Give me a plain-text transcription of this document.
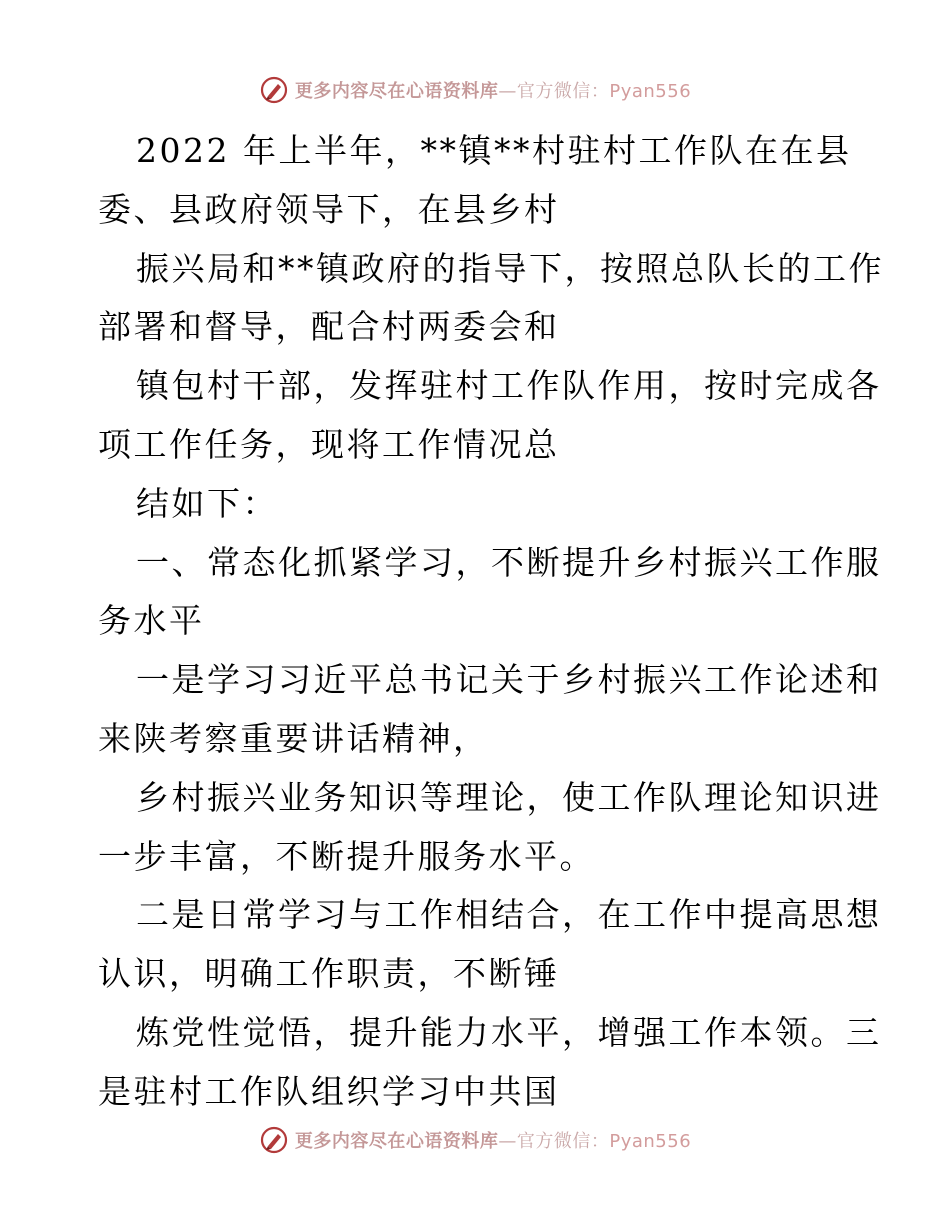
更多内容尽在心语资料库—官方微信：Pyan556
2022 年上半年，**镇**村驻村工作队在在县
委、县政府领导下，在县乡村
振兴局和**镇政府的指导下，按照总队长的工作
部署和督导，配合村两委会和
镇包村干部，发挥驻村工作队作用，按时完成各
项工作任务，现将工作情况总
结如下：
一、常态化抓紧学习，不断提升乡村振兴工作服
务水平
一是学习习近平总书记关于乡村振兴工作论述和
来陕考察重要讲话精神，
乡村振兴业务知识等理论，使工作队理论知识进
一步丰富，不断提升服务水平。
二是日常学习与工作相结合，在工作中提高思想
认识，明确工作职责，不断锤
炼党性觉悟，提升能力水平，增强工作本领。三
是驻村工作队组织学习中共国
更多内容尽在心语资料库—官方微信：Pyan556
